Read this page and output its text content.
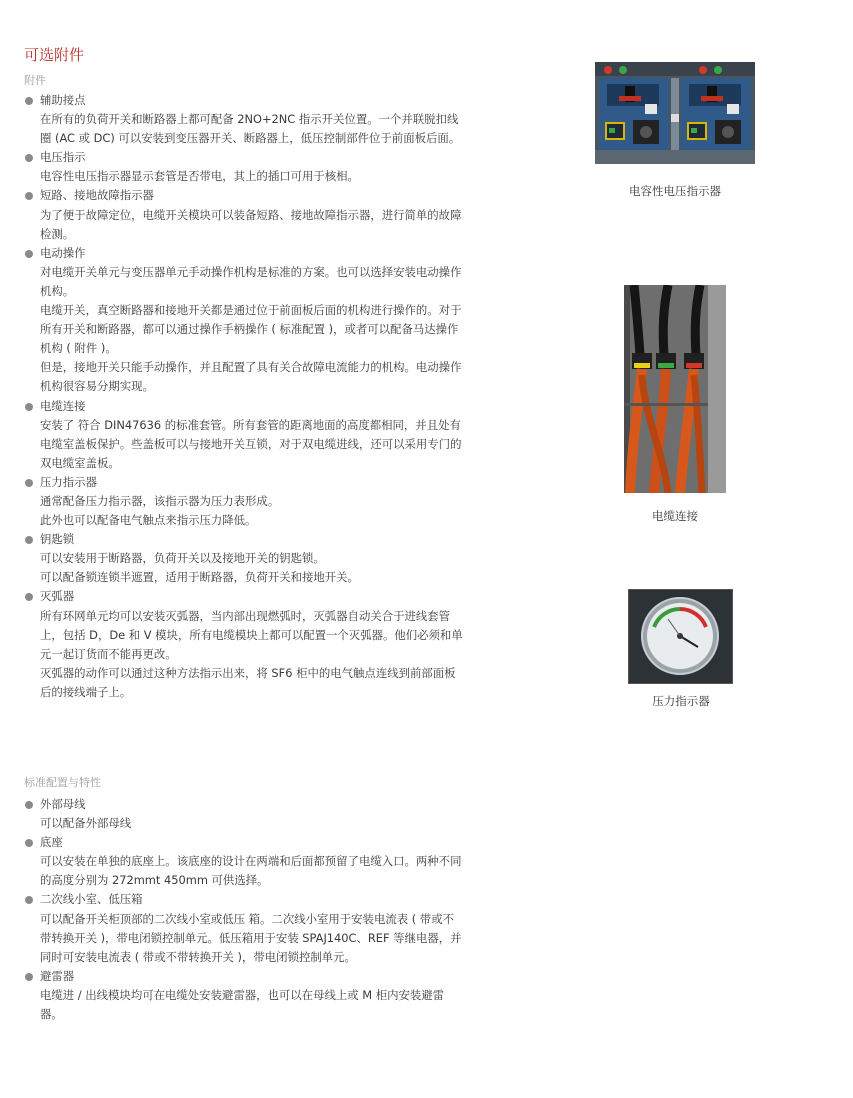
可选附件
附件
辅助接点
在所有的负荷开关和断路器上都可配备 2NO+2NC 指示开关位置。一个并联脱扣线圈 (AC 或 DC) 可以安装到变压器开关、断路器上，低压控制部件位于前面板后面。
电压指示
电容性电压指示器显示套管是否带电，其上的插口可用于核相。
短路、接地故障指示器
为了便于故障定位，电缆开关模块可以装备短路、接地故障指示器，进行简单的故障检测。
电动操作
对电缆开关单元与变压器单元手动操作机构是标准的方案。也可以选择安装电动操作机构。
电缆开关，真空断路器和接地开关都是通过位于前面板后面的机构进行操作的。对于所有开关和断路器，都可以通过操作手柄操作 ( 标准配置 )，或者可以配备马达操作机构 ( 附件 )。
但是，接地开关只能手动操作，并且配置了具有关合故障电流能力的机构。电动操作机构很容易分期实现。
电缆连接
安装了 符合 DIN47636 的标准套管。所有套管的距离地面的高度都相同，并且处有电缆室盖板保护。些盖板可以与接地开关互锁，对于双电缆进线，还可以采用专门的双电缆室盖板。
压力指示器
通常配备压力指示器，该指示器为压力表形成。
此外也可以配备电气触点来指示压力降低。
钥匙锁
可以安装用于断路器，负荷开关以及接地开关的钥匙锁。
可以配备锁连锁半遮置，适用于断路器，负荷开关和接地开关。
灭弧器
所有环网单元均可以安装灭弧器，当内部出现燃弧时，灭弧器自动关合于进线套管上，包括 D，De 和 V 模块，所有电缆模块上都可以配置一个灭弧器。他们必须和单元一起订货而不能再更改。
灭弧器的动作可以通过这种方法指示出来，将 SF6 柜中的电气触点连线到前部面板后的接线端子上。
标准配置与特性
外部母线
可以配备外部母线
底座
可以安装在单独的底座上。该底座的设计在两端和后面都预留了电缆入口。两种不同的高度分别为 272mmt 450mm 可供选择。
二次线小室、低压箱
可以配备开关柜顶部的二次线小室或低压 箱。二次线小室用于安装电流表 ( 带或不带转换开关 )，带电闭锁控制单元。低压箱用于安装 SPAJ140C、REF 等继电器，并同时可安装电流表 ( 带或不带转换开关 )，带电闭锁控制单元。
避雷器
电缆进 / 出线模块均可在电缆处安装避雷器，也可以在母线上或 M 柜内安装避雷器。
电容性电压指示器
电缆连接
压力指示器
